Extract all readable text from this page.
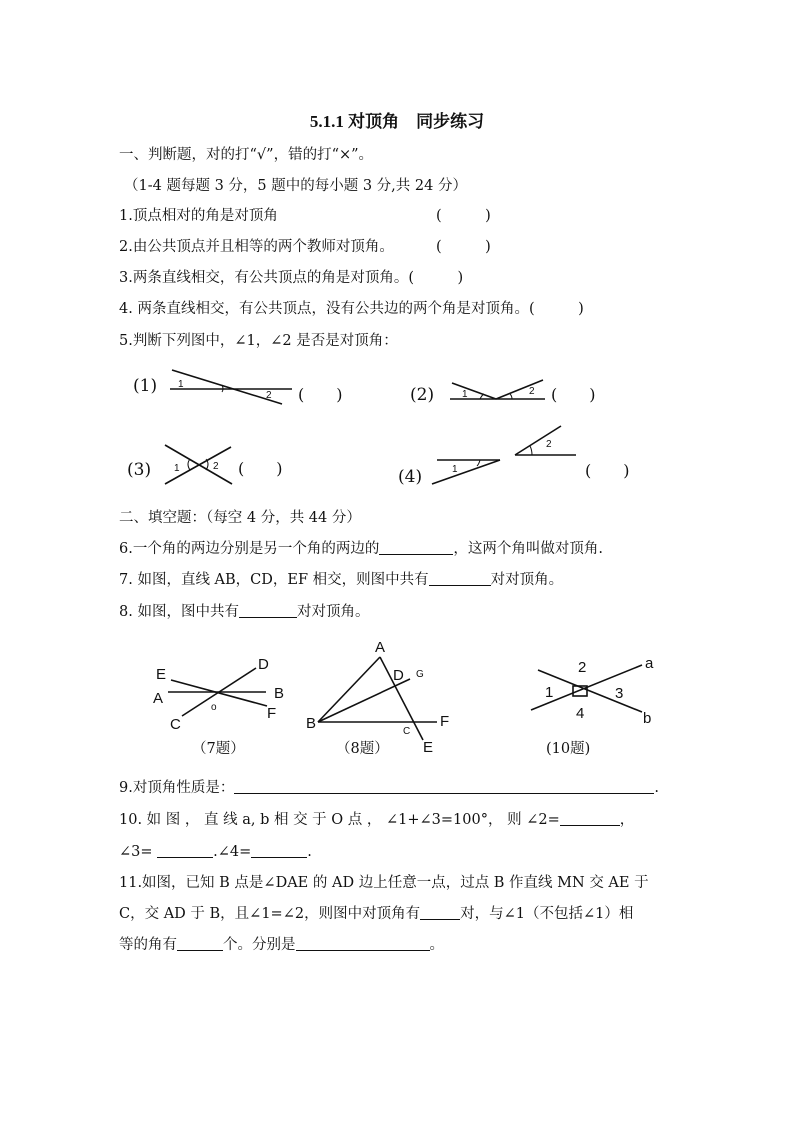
5.1.1 对顶角　同步练习
一、判断题，对的打“√”，错的打“×”。
（1-4 题每题 3 分，5 题中的每小题 3 分,共 24 分）
1.顶点相对的角是对顶角	(　　　)
2.由公共顶点并且相等的两个教师对顶角。	(　　　)
3.两条直线相交，有公共顶点的角是对顶角。(　　　)
4. 两条直线相交，有公共顶点，没有公共边的两个角是对顶角。(　　　)
5.判断下列图中，∠1，∠2 是否是对顶角：
(1)	(　　)	(2)	(　　)
(3)	(　　)	(4)	(　　)
二、填空题：（每空 4 分，共 44 分）
6.一个角的两边分别是另一个角的两边的	，这两个角叫做对顶角.
7. 如图，直线 AB，CD，EF 相交，则图中共有	对对顶角。
8. 如图，图中共有	对对顶角。
（7题）	（8题）	(10题)
9.对顶角性质是：	.
10. 如 图 ， 直 线 a, b 相 交 于 O 点 ， ∠1+∠3=100°， 则 ∠2=	，
∠3=	.∠4=	.
11.如图，已知 B 点是∠DAE 的 AD 边上任意一点，过点 B 作直线 MN 交 AE 于
C，交 AD 于 B，且∠1=∠2，则图中对顶角有	对，与∠1（不包括∠1）相
等的角有	个。分别是	。
1
2	1	2
1	2	1
2
E
D
A	B
C
F
o
A
D G
B	F
C
E
2	a
1	3
4	b
